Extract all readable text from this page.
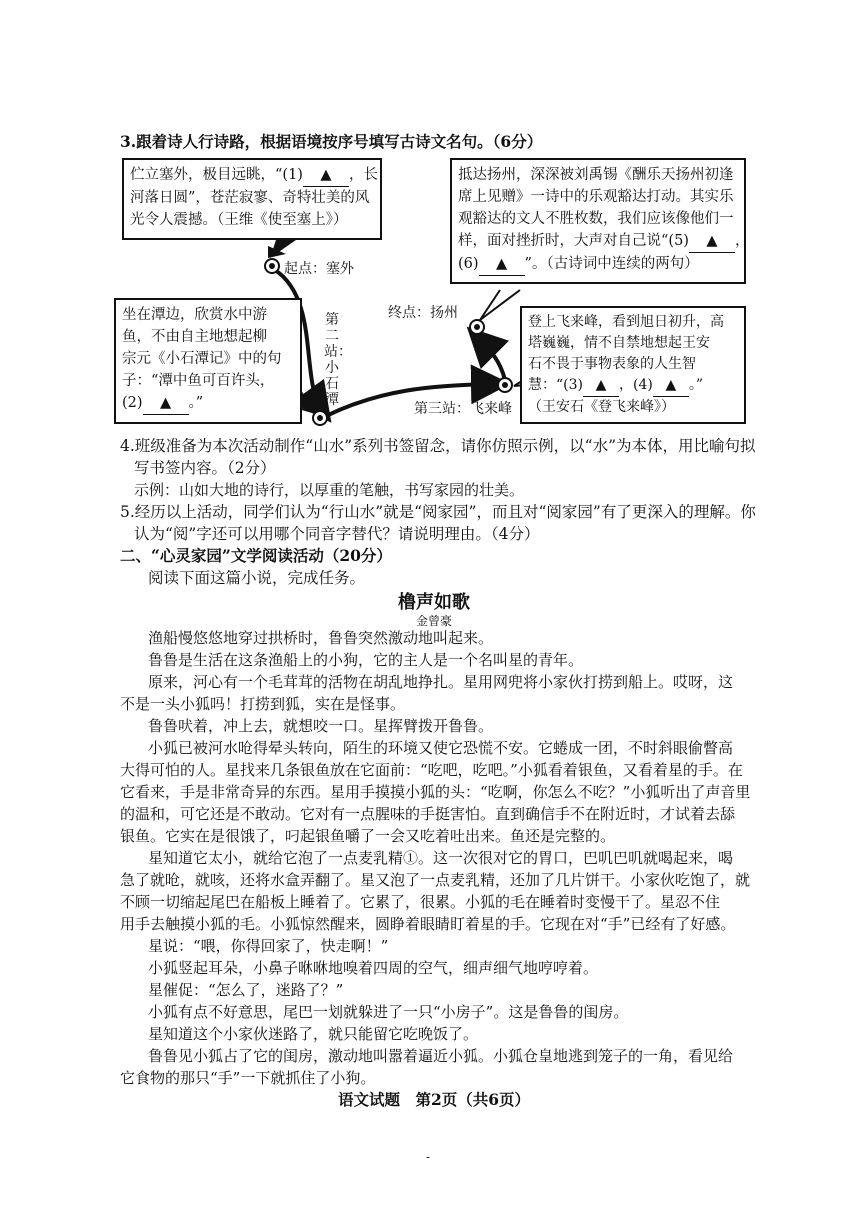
3.跟着诗人行诗路，根据语境按序号填写古诗文名句。（6分）

伫立塞外，极目远眺，“(1) ▲ ，长

河落日圆”，苍茫寂寥、奇特壮美的风

光令人震撼。（王维《使至塞上》）

抵达扬州，深深被刘禹锡《酬乐天扬州初逢

席上见赠》一诗中的乐观豁达打动。其实乐

观豁达的文人不胜枚数，我们应该像他们一

样，面对挫折时，大声对自己说“(5) ▲ ，

(6) ▲ ”。（古诗词中连续的两句）

起点：塞外

坐在潭边，欣赏水中游

鱼，不由自主地想起柳

宗元《小石潭记》中的句

子：“潭中鱼可百许头，

(2) ▲ 。”

第二站：小石潭
终点：扬州

登上飞来峰，看到旭日初升，高

塔巍巍，情不自禁地想起王安

石不畏于事物表象的人生智

慧：“(3) ▲ ，(4) ▲ 。”

（王安石《登飞来峰》）

第三站：飞来峰
4.班级准备为本次活动制作“山水”系列书签留念，请你仿照示例，以“水”为本体，用比喻句拟
写书签内容。（2分）
示例：山如大地的诗行，以厚重的笔触，书写家园的壮美。
5.经历以上活动，同学们认为“行山水”就是“阅家园”，而且对“阅家园”有了更深入的理解。你
认为“阅”字还可以用哪个同音字替代？请说明理由。（4分）
二、“心灵家园”文学阅读活动（20分）
阅读下面这篇小说，完成任务。
橹声如歌
金曾豪
渔船慢悠悠地穿过拱桥时，鲁鲁突然激动地叫起来。
鲁鲁是生活在这条渔船上的小狗，它的主人是一个名叫星的青年。
原来，河心有一个毛茸茸的活物在胡乱地挣扎。星用网兜将小家伙打捞到船上。哎呀，这
不是一头小狐吗！打捞到狐，实在是怪事。
鲁鲁吠着，冲上去，就想咬一口。星挥臂拨开鲁鲁。
小狐已被河水呛得晕头转向，陌生的环境又使它恐慌不安。它蜷成一团，不时斜眼偷瞥高
大得可怕的人。星找来几条银鱼放在它面前：“吃吧，吃吧。”小狐看着银鱼，又看着星的手。在
它看来，手是非常奇异的东西。星用手摸摸小狐的头：“吃啊，你怎么不吃？”小狐听出了声音里
的温和，可它还是不敢动。它对有一点腥味的手挺害怕。直到确信手不在附近时，才试着去舔
银鱼。它实在是很饿了，叼起银鱼嚼了一会又吃着吐出来。鱼还是完整的。
星知道它太小，就给它泡了一点麦乳精①。这一次很对它的胃口，巴叽巴叽就喝起来，喝
急了就呛，就咳，还将水盒弄翻了。星又泡了一点麦乳精，还加了几片饼干。小家伙吃饱了，就
不顾一切缩起尾巴在船板上睡着了。它累了，很累。小狐的毛在睡着时变慢干了。星忍不住
用手去触摸小狐的毛。小狐惊然醒来，圆睁着眼睛盯着星的手。它现在对“手”已经有了好感。
星说：“喂，你得回家了，快走啊！”
小狐竖起耳朵，小鼻子咻咻地嗅着四周的空气，细声细气地哼哼着。
星催促：“怎么了，迷路了？”
小狐有点不好意思，尾巴一划就躲进了一只“小房子”。这是鲁鲁的闺房。
星知道这个小家伙迷路了，就只能留它吃晚饭了。
鲁鲁见小狐占了它的闺房，激动地叫嚣着逼近小狐。小狐仓皇地逃到笼子的一角，看见给
它食物的那只“手”一下就抓住了小狗。
语文试题　第2页（共6页）
-
